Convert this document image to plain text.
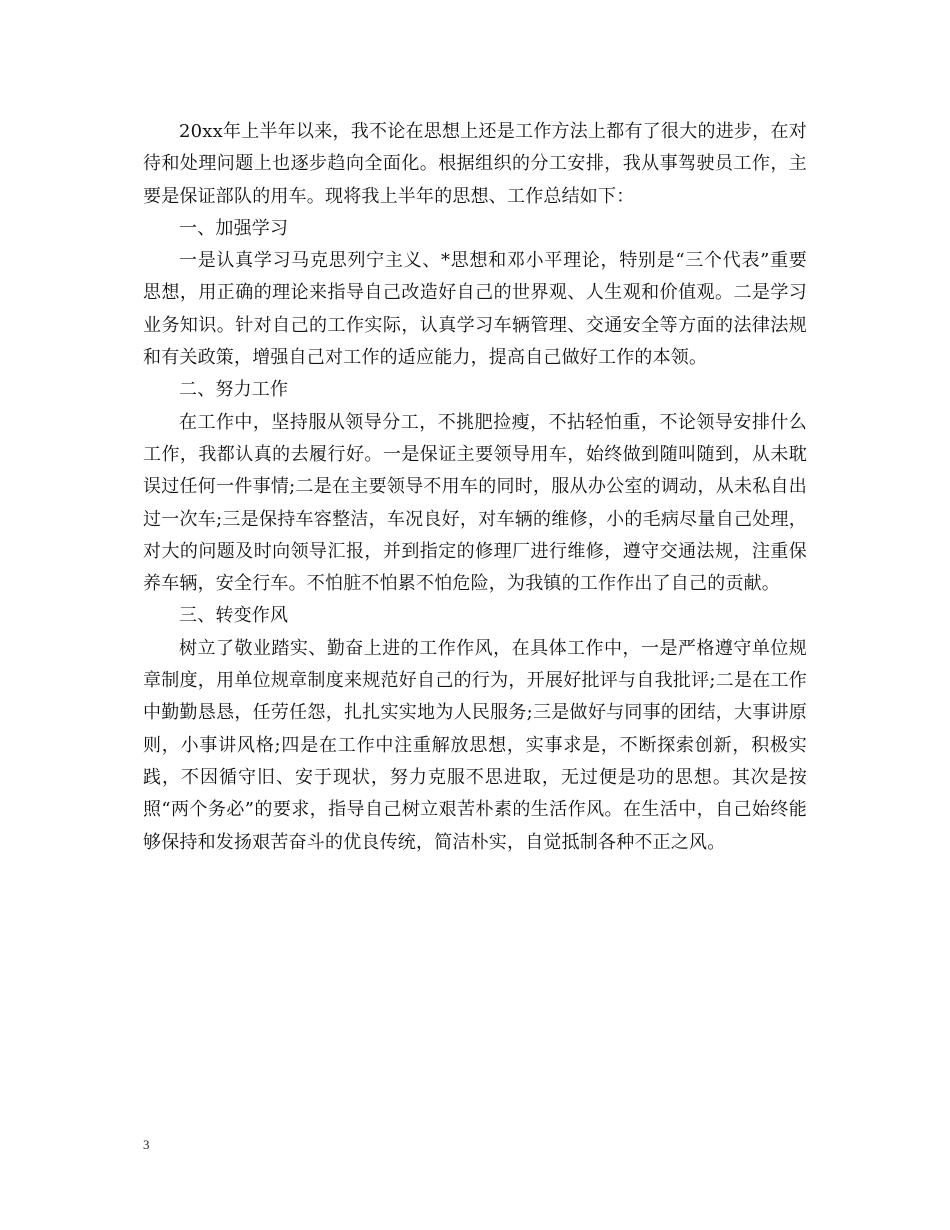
20xx年上半年以来，我不论在思想上还是工作方法上都有了很大的进步，在对待和处理问题上也逐步趋向全面化。根据组织的分工安排，我从事驾驶员工作，主要是保证部队的用车。现将我上半年的思想、工作总结如下：

一、加强学习

一是认真学习马克思列宁主义、*思想和邓小平理论，特别是“三个代表”重要思想，用正确的理论来指导自己改造好自己的世界观、人生观和价值观。二是学习业务知识。针对自己的工作实际，认真学习车辆管理、交通安全等方面的法律法规和有关政策，增强自己对工作的适应能力，提高自己做好工作的本领。

二、努力工作

在工作中，坚持服从领导分工，不挑肥捡瘦，不拈轻怕重，不论领导安排什么工作，我都认真的去履行好。一是保证主要领导用车，始终做到随叫随到，从未耽误过任何一件事情;二是在主要领导不用车的同时，服从办公室的调动，从未私自出过一次车;三是保持车容整洁，车况良好，对车辆的维修，小的毛病尽量自己处理，对大的问题及时向领导汇报，并到指定的修理厂进行维修，遵守交通法规，注重保养车辆，安全行车。不怕脏不怕累不怕危险，为我镇的工作作出了自己的贡献。

三、转变作风

树立了敬业踏实、勤奋上进的工作作风，在具体工作中，一是严格遵守单位规章制度，用单位规章制度来规范好自己的行为，开展好批评与自我批评;二是在工作中勤勤恳恳，任劳任怨，扎扎实实地为人民服务;三是做好与同事的团结，大事讲原则，小事讲风格;四是在工作中注重解放思想，实事求是，不断探索创新，积极实践，不因循守旧、安于现状，努力克服不思进取，无过便是功的思想。其次是按照“两个务必”的要求，指导自己树立艰苦朴素的生活作风。在生活中，自己始终能够保持和发扬艰苦奋斗的优良传统，简洁朴实，自觉抵制各种不正之风。

3
